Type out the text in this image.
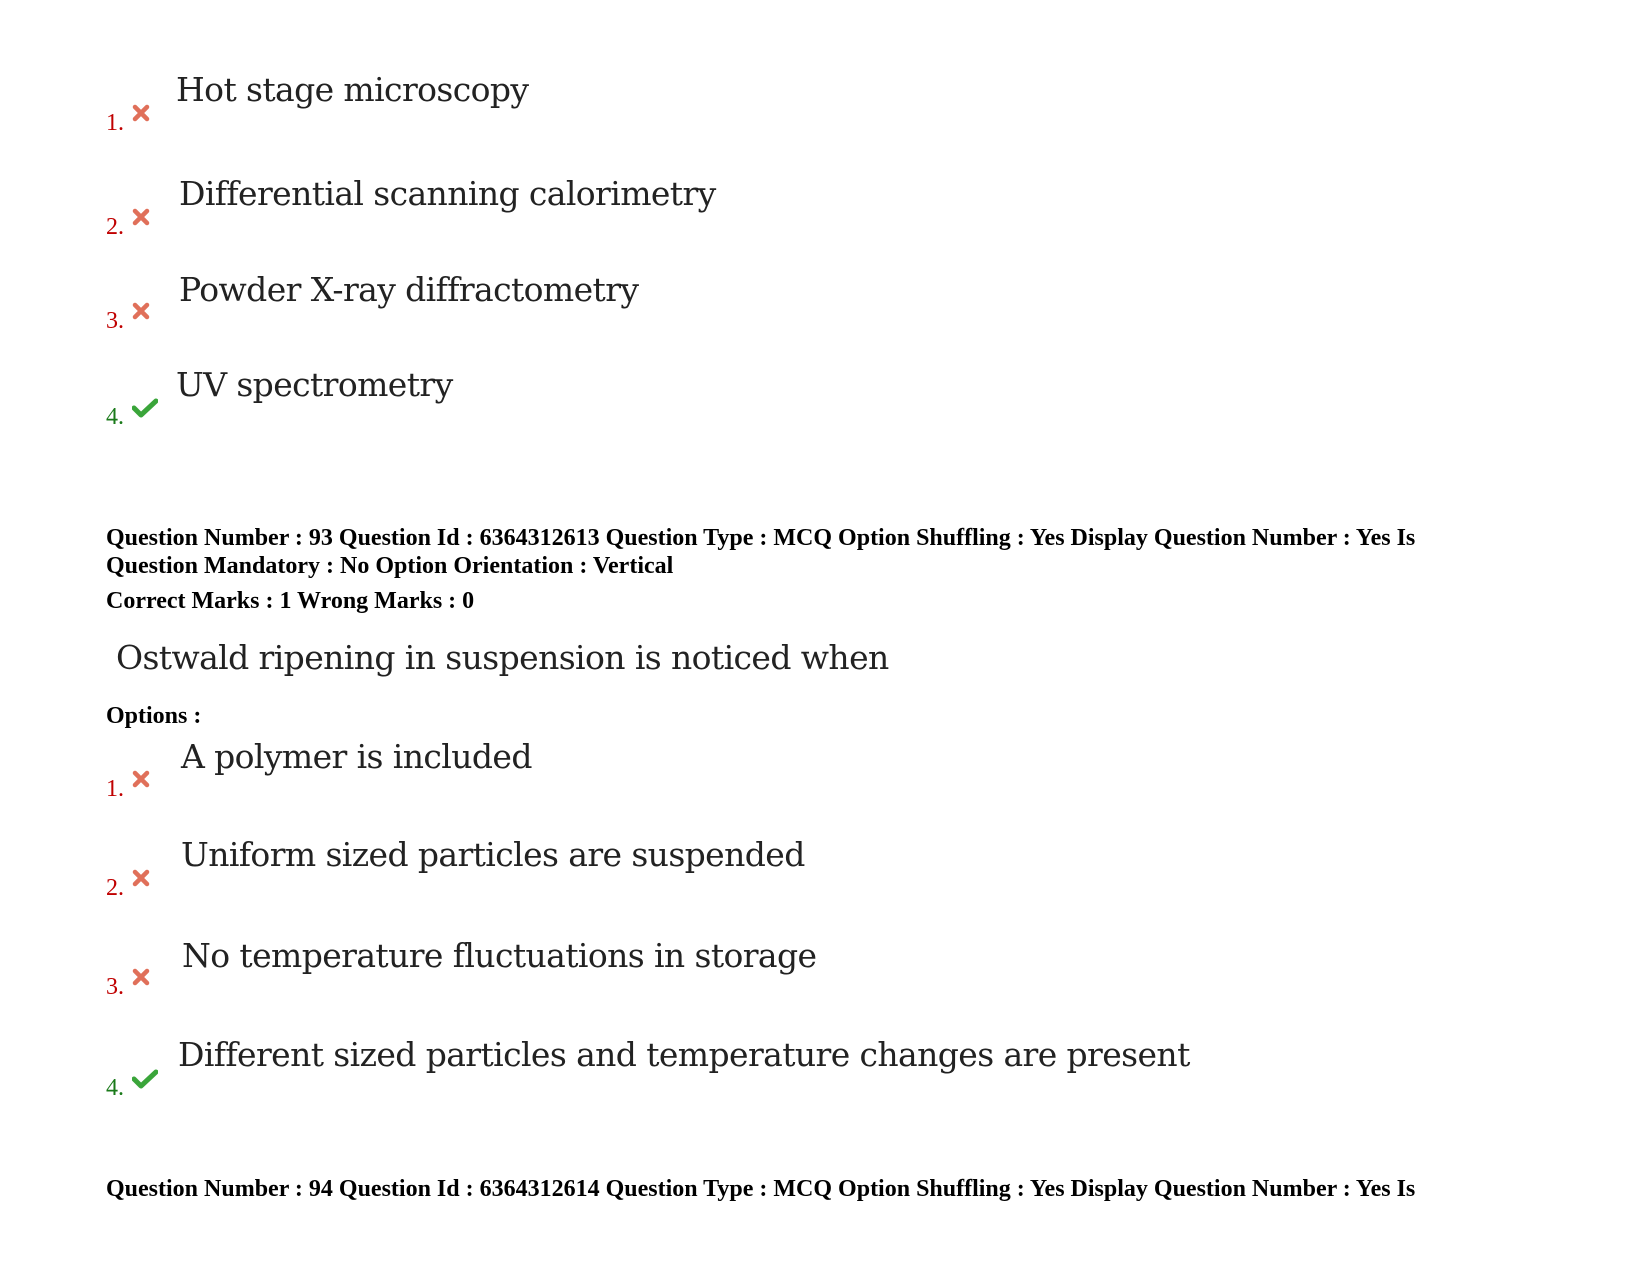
1.
Hot stage microscopy
2.
Differential scanning calorimetry
3.
Powder X-ray diffractometry
4.
UV spectrometry
Question Number : 93 Question Id : 6364312613 Question Type : MCQ Option Shuffling : Yes Display Question Number : Yes Is
Question Mandatory : No Option Orientation : Vertical
Correct Marks : 1 Wrong Marks : 0
Ostwald ripening in suspension is noticed when
Options :
1.
A polymer is included
2.
Uniform sized particles are suspended
3.
No temperature fluctuations in storage
4.
Different sized particles and temperature changes are present
Question Number : 94 Question Id : 6364312614 Question Type : MCQ Option Shuffling : Yes Display Question Number : Yes Is
